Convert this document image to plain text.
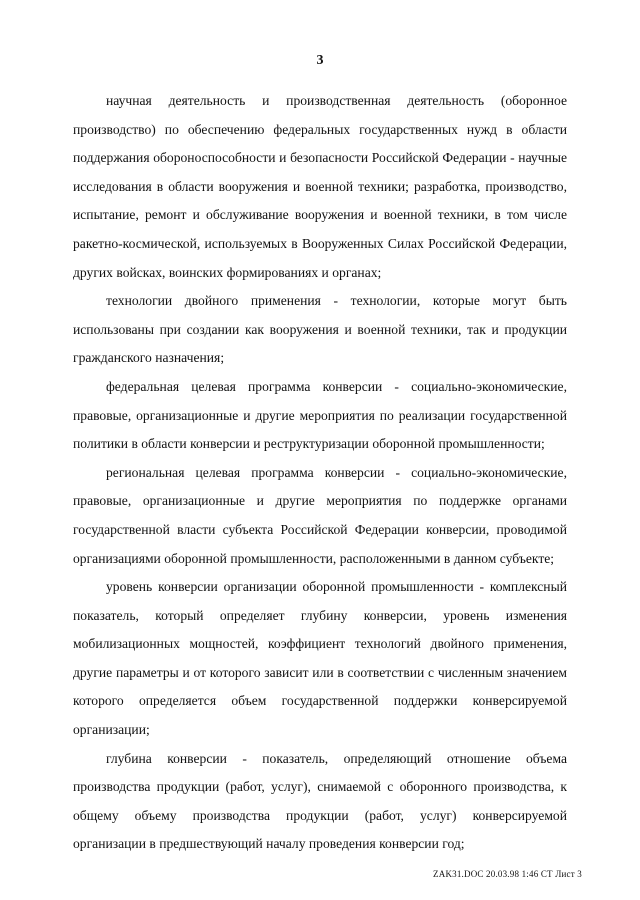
3

научная деятельность и производственная деятельность (оборонное производство) по обеспечению федеральных государственных нужд в области поддержания обороноспособности и безопасности Российской Федерации - научные исследования в области вооружения и военной техники; разработка, производство, испытание, ремонт и обслуживание вооружения и военной техники, в том числе ракетно-космической, используемых в Вооруженных Силах Российской Федерации, других войсках, воинских формированиях и органах;

технологии двойного применения - технологии, которые могут быть использованы при создании как вооружения и военной техники, так и продукции гражданского назначения;

федеральная целевая программа конверсии - социально-экономические, правовые, организационные и другие мероприятия по реализации государственной политики в области конверсии и реструктуризации оборонной промышленности;

региональная целевая программа конверсии - социально-экономические, правовые, организационные и другие мероприятия по поддержке органами государственной власти субъекта Российской Федерации конверсии, проводимой организациями оборонной промышленности, расположенными в данном субъекте;

уровень конверсии организации оборонной промышленности - комплексный показатель, который определяет глубину конверсии, уровень изменения мобилизационных мощностей, коэффициент технологий двойного применения, другие параметры и от которого зависит или в соответствии с численным значением которого определяется объем государственной поддержки конверсируемой организации;

глубина конверсии - показатель, определяющий отношение объема производства продукции (работ, услуг), снимаемой с оборонного производства, к общему объему производства продукции (работ, услуг) конверсируемой организации в предшествующий началу проведения конверсии год;

ZAK31.DOC 20.03.98 1:46 СТ Лист 3
